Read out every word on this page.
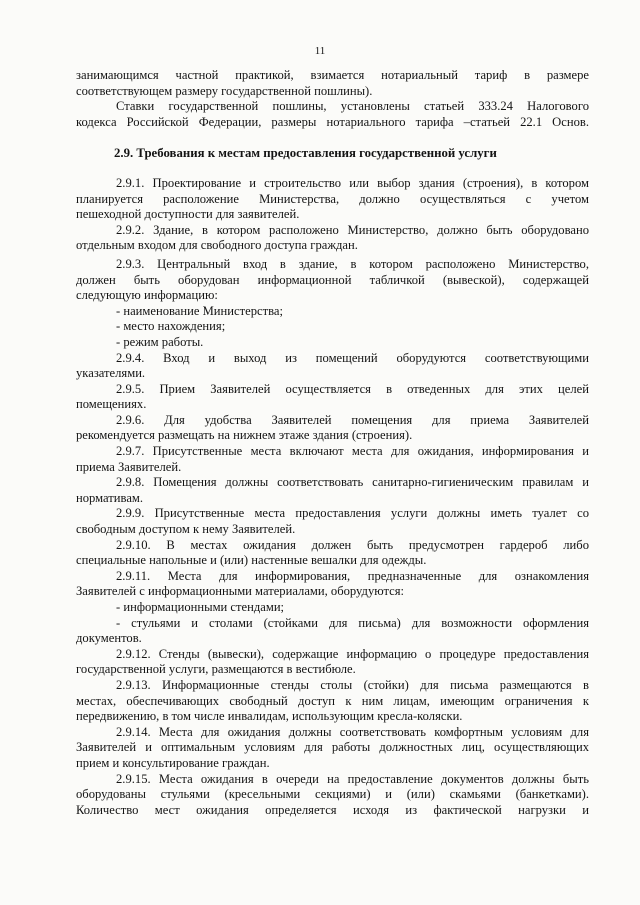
11
занимающимся частной практикой, взимается нотариальный тариф в размере
соответствующем размеру государственной пошлины).
Ставки государственной пошлины, установлены статьей 333.24 Налогового
кодекса Российской Федерации, размеры нотариального тарифа –статьей 22.1 Основ.
2.9. Требования к местам предоставления государственной услуги
2.9.1. Проектирование и строительство или выбор здания (строения), в котором
планируется расположение Министерства, должно осуществляться с учетом
пешеходной доступности для заявителей.
2.9.2. Здание, в котором расположено Министерство, должно быть оборудовано
отдельным входом для свободного доступа граждан.
2.9.3. Центральный вход в здание, в котором расположено Министерство,
должен быть оборудован информационной табличкой (вывеской), содержащей
следующую информацию:
- наименование Министерства;
- место нахождения;
- режим работы.
2.9.4. Вход и выход из помещений оборудуются соответствующими
указателями.
2.9.5. Прием Заявителей осуществляется в отведенных для этих целей
помещениях.
2.9.6. Для удобства Заявителей помещения для приема Заявителей
рекомендуется размещать на нижнем этаже здания (строения).
2.9.7. Присутственные места включают места для ожидания, информирования и
приема Заявителей.
2.9.8. Помещения должны соответствовать санитарно-гигиеническим правилам и
нормативам.
2.9.9. Присутственные места предоставления услуги должны иметь туалет со
свободным доступом к нему Заявителей.
2.9.10. В местах ожидания должен быть предусмотрен гардероб либо
специальные напольные и (или) настенные вешалки для одежды.
2.9.11. Места для информирования, предназначенные для ознакомления
Заявителей с информационными материалами, оборудуются:
- информационными стендами;
- стульями и столами (стойками для письма) для возможности оформления
документов.
2.9.12. Стенды (вывески), содержащие информацию о процедуре предоставления
государственной услуги, размещаются в вестибюле.
2.9.13. Информационные стенды столы (стойки) для письма размещаются в
местах, обеспечивающих свободный доступ к ним лицам, имеющим ограничения к
передвижению, в том числе инвалидам, использующим кресла-коляски.
2.9.14. Места для ожидания должны соответствовать комфортным условиям для
Заявителей и оптимальным условиям для работы должностных лиц, осуществляющих
прием и консультирование граждан.
2.9.15. Места ожидания в очереди на предоставление документов должны быть
оборудованы стульями (кресельными секциями) и (или) скамьями (банкетками).
Количество мест ожидания определяется исходя из фактической нагрузки и
